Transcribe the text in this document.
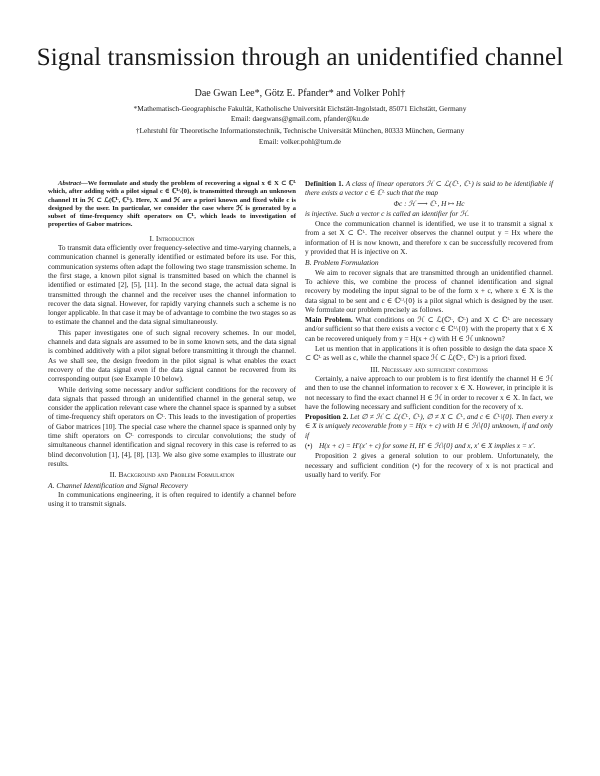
Signal transmission through an unidentified channel
Dae Gwan Lee*, Götz E. Pfander* and Volker Pohl†
*Mathematisch-Geographische Fakultät, Katholische Universität Eichstätt-Ingolstadt, 85071 Eichstätt, Germany
Email: daegwans@gmail.com, pfander@ku.de
†Lehrstuhl für Theoretische Informationstechnik, Technische Universität München, 80333 München, Germany
Email: volker.pohl@tum.de

Abstract—We formulate and study the problem of recovering a signal x ∈ X ⊂ ℂᴸ which, after adding with a pilot signal c ∈ ℂᴸ\{0}, is transmitted through an unknown channel H in ℋ ⊂ ℒ(ℂᴸ, ℂᴸ). Here, X and ℋ are a priori known and fixed while c is designed by the user. In particular, we consider the case where ℋ is generated by a subset of time-frequency shift operators on ℂᴸ, which leads to investigation of properties of Gabor matrices.

I. Introduction

To transmit data efficiently over frequency-selective and time-varying channels, a communication channel is generally identified or estimated before its use. For this, communication systems often adapt the following two stage transmission scheme. In the first stage, a known pilot signal is transmitted based on which the channel is identified or estimated [2], [5], [11]. In the second stage, the actual data signal is transmitted through the channel and the receiver uses the channel information to recover the data signal. However, for rapidly varying channels such a scheme is no longer applicable. In that case it may be of advantage to combine the two stages so as to estimate the channel and the data signal simultaneously.

This paper investigates one of such signal recovery schemes. In our model, channels and data signals are assumed to be in some known sets, and the data signal is combined additively with a pilot signal before transmitting it through the channel. As we shall see, the design freedom in the pilot signal is what enables the exact recovery of the data signal even if the data signal cannot be recovered from its corresponding output (see Example 10 below).

While deriving some necessary and/or sufficient conditions for the recovery of data signals that passed through an unidentified channel in the general setup, we consider the application relevant case where the channel space is spanned by a subset of time-frequency shift operators on ℂᴸ. This leads to the investigation of properties of Gabor matrices [10]. The special case where the channel space is spanned only by time shift operators on ℂᴸ corresponds to circular convolutions; the study of simultaneous channel identification and signal recovery in this case is referred to as blind deconvolution [1], [4], [8], [13]. We also give some examples to illustrate our results.

II. Background and Problem Formulation

A. Channel Identification and Signal Recovery

In communications engineering, it is often required to identify a channel before using it to transmit signals.

Definition 1. A class of linear operators ℋ ⊂ ℒ(ℂᴸ, ℂᴸ) is said to be identifiable if there exists a vector c ∈ ℂᴸ such that the map

Φc : ℋ ⟶ ℂᴸ, H ↦ Hc

is injective. Such a vector c is called an identifier for ℋ.

Once the communication channel is identified, we use it to transmit a signal x from a set X ⊂ ℂᴸ. The receiver observes the channel output y = Hx where the information of H is now known, and therefore x can be successfully recovered from y provided that H is injective on X.

B. Problem Formulation

We aim to recover signals that are transmitted through an unidentified channel. To achieve this, we combine the process of channel identification and signal recovery by modeling the input signal to be of the form x + c, where x ∈ X is the data signal to be sent and c ∈ ℂᴸ\{0} is a pilot signal which is designed by the user. We formulate our problem precisely as follows.

Main Problem. What conditions on ℋ ⊂ ℒ(ℂᴸ, ℂᴸ) and X ⊂ ℂᴸ are necessary and/or sufficient so that there exists a vector c ∈ ℂᴸ\{0} with the property that x ∈ X can be recovered uniquely from y = H(x + c) with H ∈ ℋ unknown?

Let us mention that in applications it is often possible to design the data space X ⊂ ℂᴸ as well as c, while the channel space ℋ ⊂ ℒ(ℂᴸ, ℂᴸ) is a priori fixed.

III. Necessary and sufficient conditions

Certainly, a naive approach to our problem is to first identify the channel H ∈ ℋ and then to use the channel information to recover x ∈ X. However, in principle it is not necessary to find the exact channel H ∈ ℋ in order to recover x ∈ X. In fact, we have the following necessary and sufficient condition for the recovery of x.

Proposition 2. Let ∅ ≠ ℋ ⊂ ℒ(ℂᴸ, ℂᴸ), ∅ ≠ X ⊂ ℂᴸ, and c ∈ ℂᴸ\{0}. Then every x ∈ X is uniquely recoverable from y = H(x + c) with H ∈ ℋ\{0} unknown, if and only if

(•) H(x + c) = H′(x′ + c) for some H, H′ ∈ ℋ\{0} and x, x′ ∈ X implies x = x′.

Proposition 2 gives a general solution to our problem. Unfortunately, the necessary and sufficient condition (•) for the recovery of x is not practical and usually hard to verify. For
